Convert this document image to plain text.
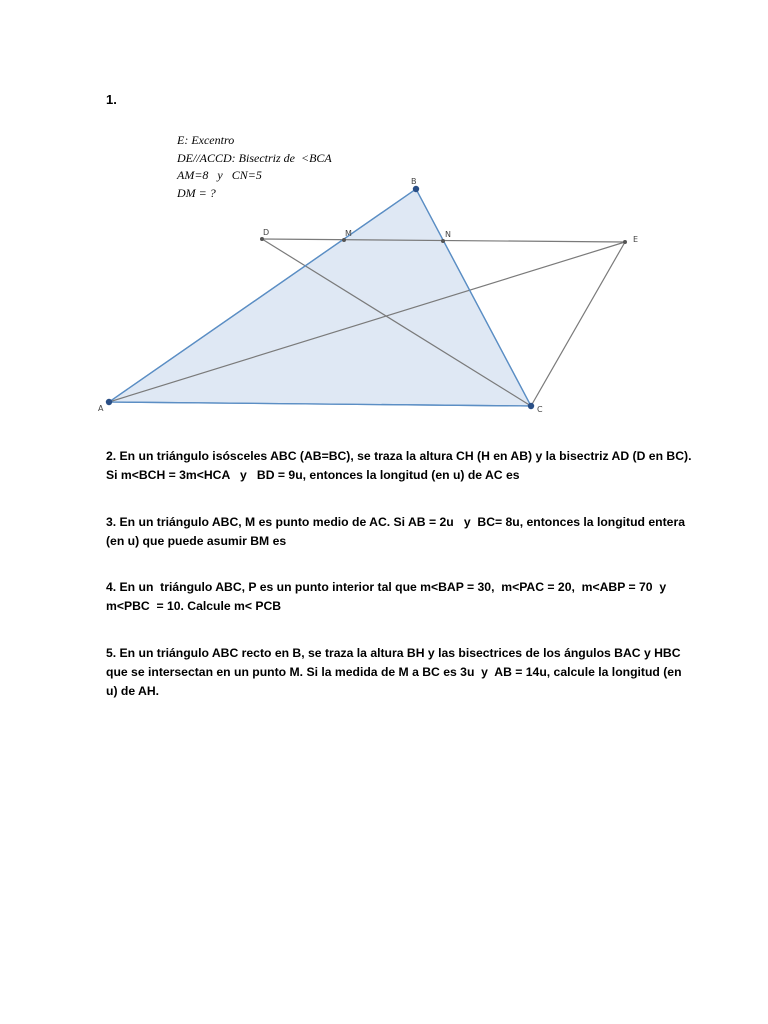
1.
E: Excentro
DE//ACCD: Bisectriz de  <BCA
AM=8   y   CN=5
DM = ?
A
B
C
D
E
M	N
2. En un triángulo isósceles ABC (AB=BC), se traza la altura CH (H en AB) y la bisectriz AD (D en BC).
Si m<BCH = 3m<HCA   y   BD = 9u, entonces la longitud (en u) de AC es
3. En un triángulo ABC, M es punto medio de AC. Si AB = 2u   y  BC= 8u, entonces la longitud entera
(en u) que puede asumir BM es
4. En un  triángulo ABC, P es un punto interior tal que m<BAP = 30,  m<PAC = 20,  m<ABP = 70  y
m<PBC  = 10. Calcule m< PCB
5. En un triángulo ABC recto en B, se traza la altura BH y las bisectrices de los ángulos BAC y HBC
que se intersectan en un punto M. Si la medida de M a BC es 3u  y  AB = 14u, calcule la longitud (en
u) de AH.
